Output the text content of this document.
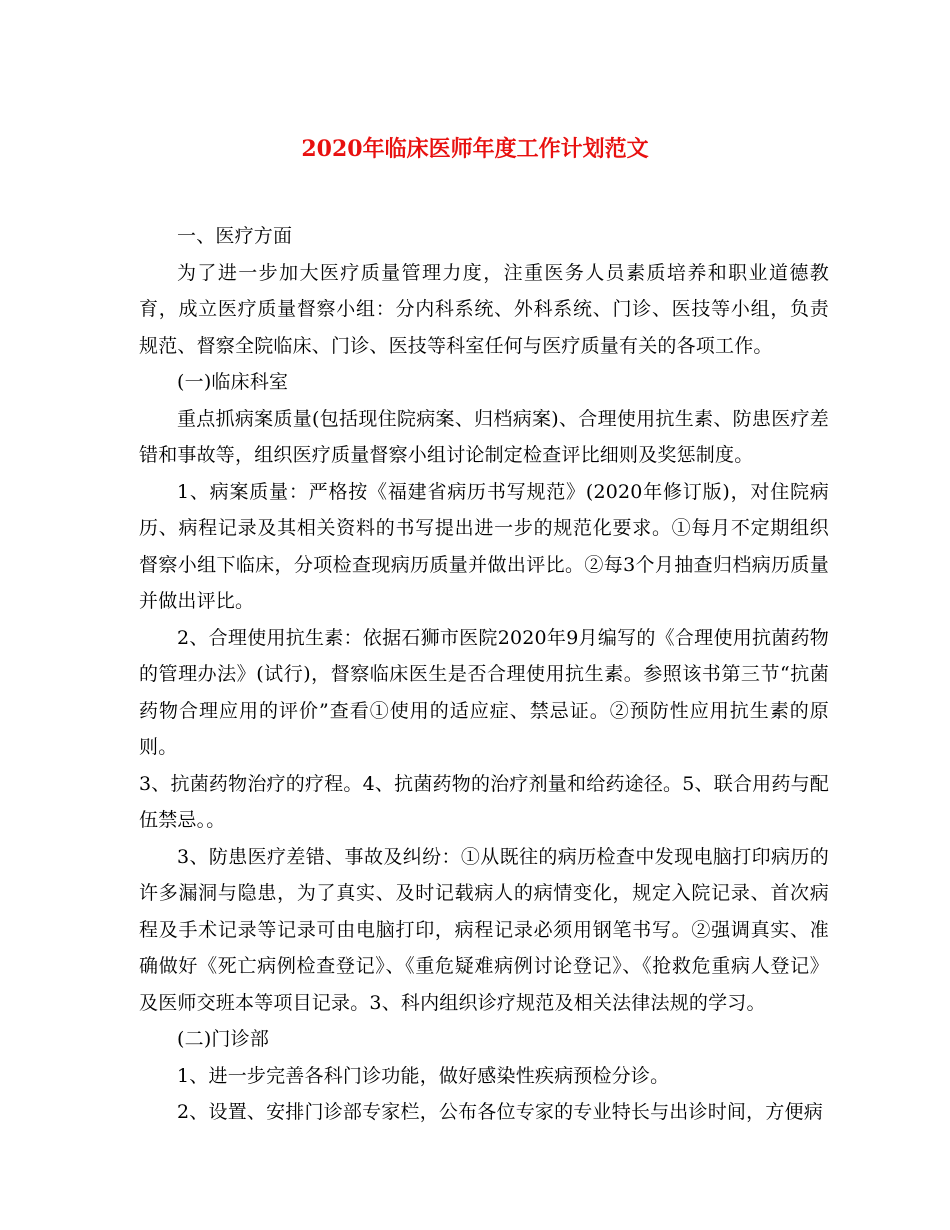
2020年临床医师年度工作计划范文

一、医疗方面

为了进一步加大医疗质量管理力度，注重医务人员素质培养和职业道德教育，成立医疗质量督察小组：分内科系统、外科系统、门诊、医技等小组，负责规范、督察全院临床、门诊、医技等科室任何与医疗质量有关的各项工作。

(一)临床科室

重点抓病案质量(包括现住院病案、归档病案)、合理使用抗生素、防患医疗差错和事故等，组织医疗质量督察小组讨论制定检查评比细则及奖惩制度。

1、病案质量：严格按《福建省病历书写规范》(2020年修订版)，对住院病历、病程记录及其相关资料的书写提出进一步的规范化要求。①每月不定期组织督察小组下临床，分项检查现病历质量并做出评比。②每3个月抽查归档病历质量并做出评比。

2、合理使用抗生素：依据石狮市医院2020年9月编写的《合理使用抗菌药物的管理办法》(试行)，督察临床医生是否合理使用抗生素。参照该书第三节“抗菌药物合理应用的评价”查看①使用的适应症、禁忌证。②预防性应用抗生素的原则。

3、抗菌药物治疗的疗程。4、抗菌药物的治疗剂量和给药途径。5、联合用药与配伍禁忌。。

3、防患医疗差错、事故及纠纷：①从既往的病历检查中发现电脑打印病历的许多漏洞与隐患，为了真实、及时记载病人的病情变化，规定入院记录、首次病程及手术记录等记录可由电脑打印，病程记录必须用钢笔书写。②强调真实、准确做好《死亡病例检查登记》、《重危疑难病例讨论登记》、《抢救危重病人登记》及医师交班本等项目记录。3、科内组织诊疗规范及相关法律法规的学习。

(二)门诊部

1、进一步完善各科门诊功能，做好感染性疾病预检分诊。

2、设置、安排门诊部专家栏，公布各位专家的专业特长与出诊时间，方便病
